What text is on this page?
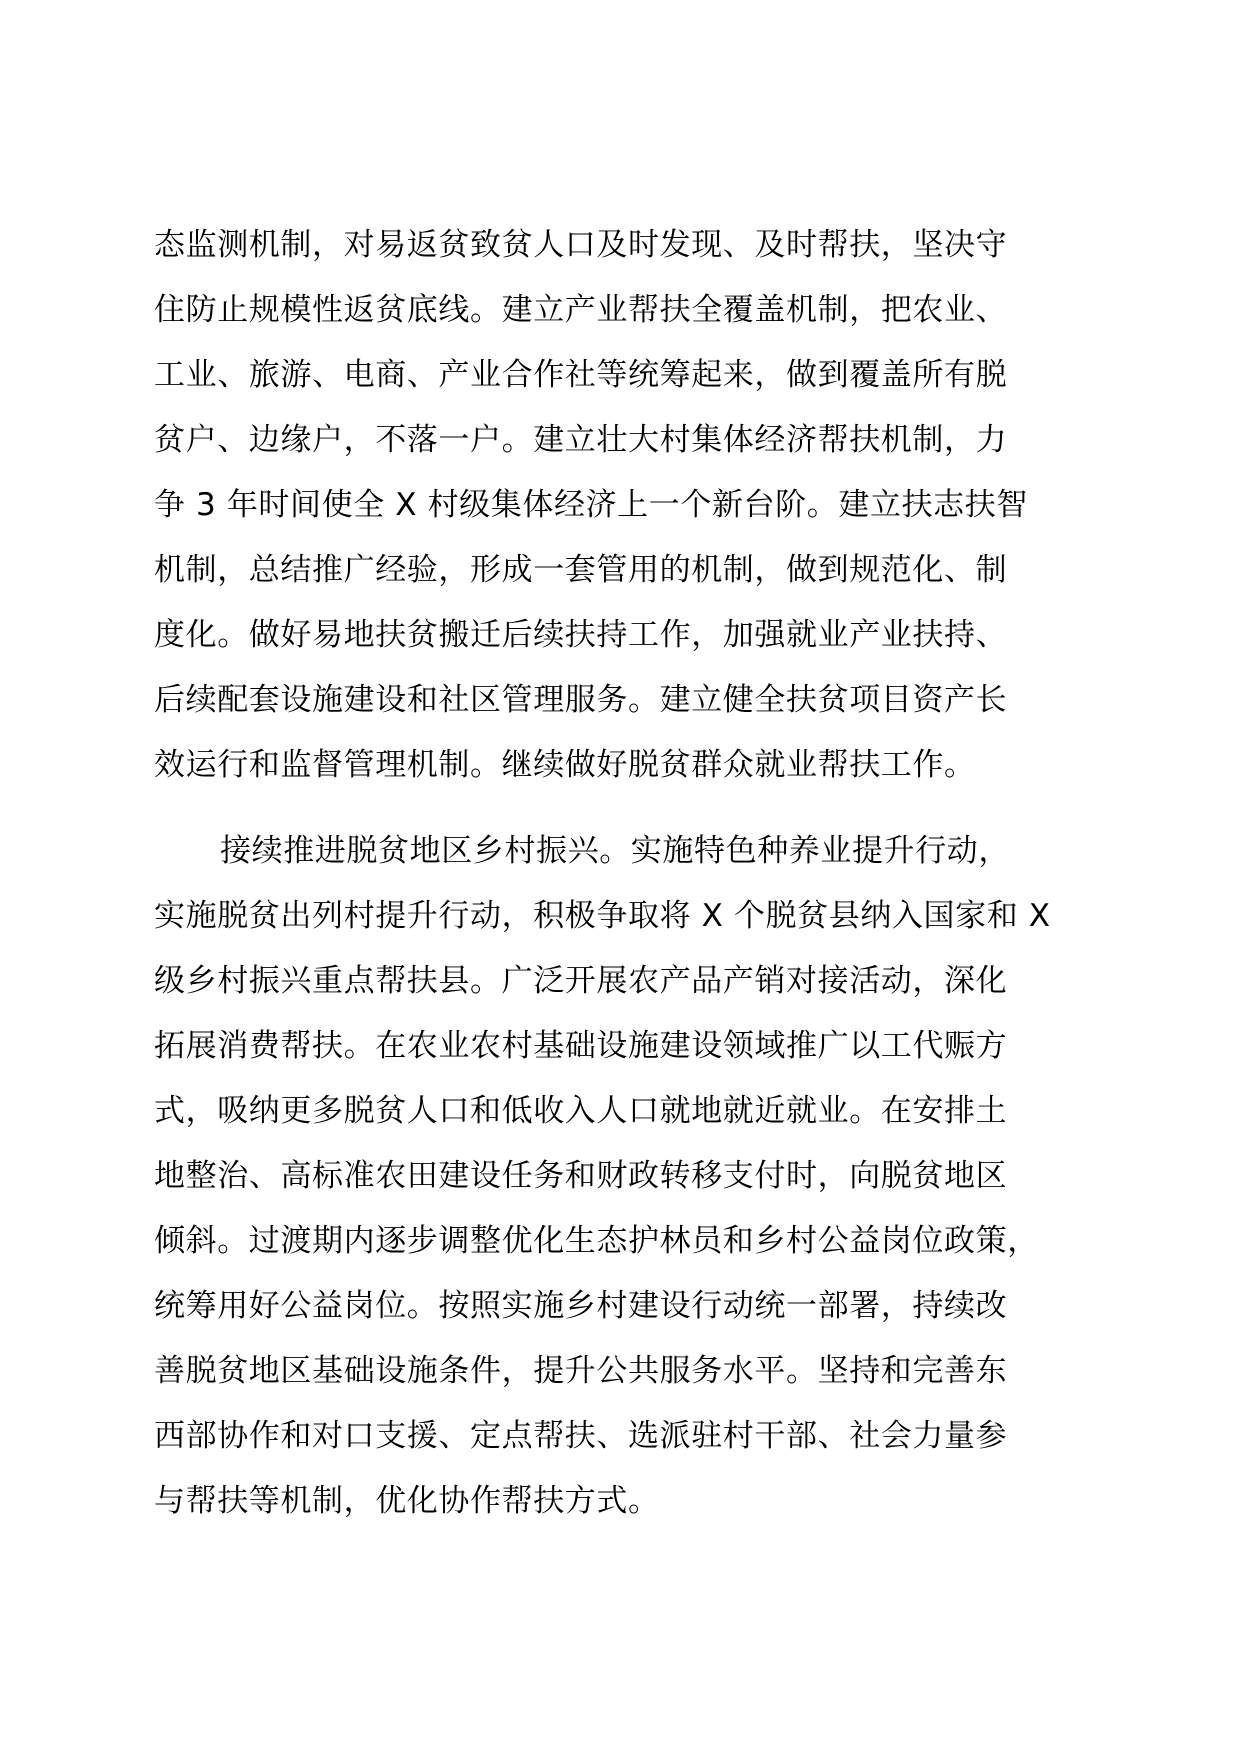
态监测机制，对易返贫致贫人口及时发现、及时帮扶，坚决守
住防止规模性返贫底线。建立产业帮扶全覆盖机制，把农业、
工业、旅游、电商、产业合作社等统筹起来，做到覆盖所有脱
贫户、边缘户，不落一户。建立壮大村集体经济帮扶机制，力
争 3 年时间使全 X 村级集体经济上一个新台阶。建立扶志扶智
机制，总结推广经验，形成一套管用的机制，做到规范化、制
度化。做好易地扶贫搬迁后续扶持工作，加强就业产业扶持、
后续配套设施建设和社区管理服务。建立健全扶贫项目资产长
效运行和监督管理机制。继续做好脱贫群众就业帮扶工作。

接续推进脱贫地区乡村振兴。实施特色种养业提升行动，
实施脱贫出列村提升行动，积极争取将 X 个脱贫县纳入国家和 X
级乡村振兴重点帮扶县。广泛开展农产品产销对接活动，深化
拓展消费帮扶。在农业农村基础设施建设领域推广以工代赈方
式，吸纳更多脱贫人口和低收入人口就地就近就业。在安排土
地整治、高标准农田建设任务和财政转移支付时，向脱贫地区
倾斜。过渡期内逐步调整优化生态护林员和乡村公益岗位政策，
统筹用好公益岗位。按照实施乡村建设行动统一部署，持续改
善脱贫地区基础设施条件，提升公共服务水平。坚持和完善东
西部协作和对口支援、定点帮扶、选派驻村干部、社会力量参
与帮扶等机制，优化协作帮扶方式。
